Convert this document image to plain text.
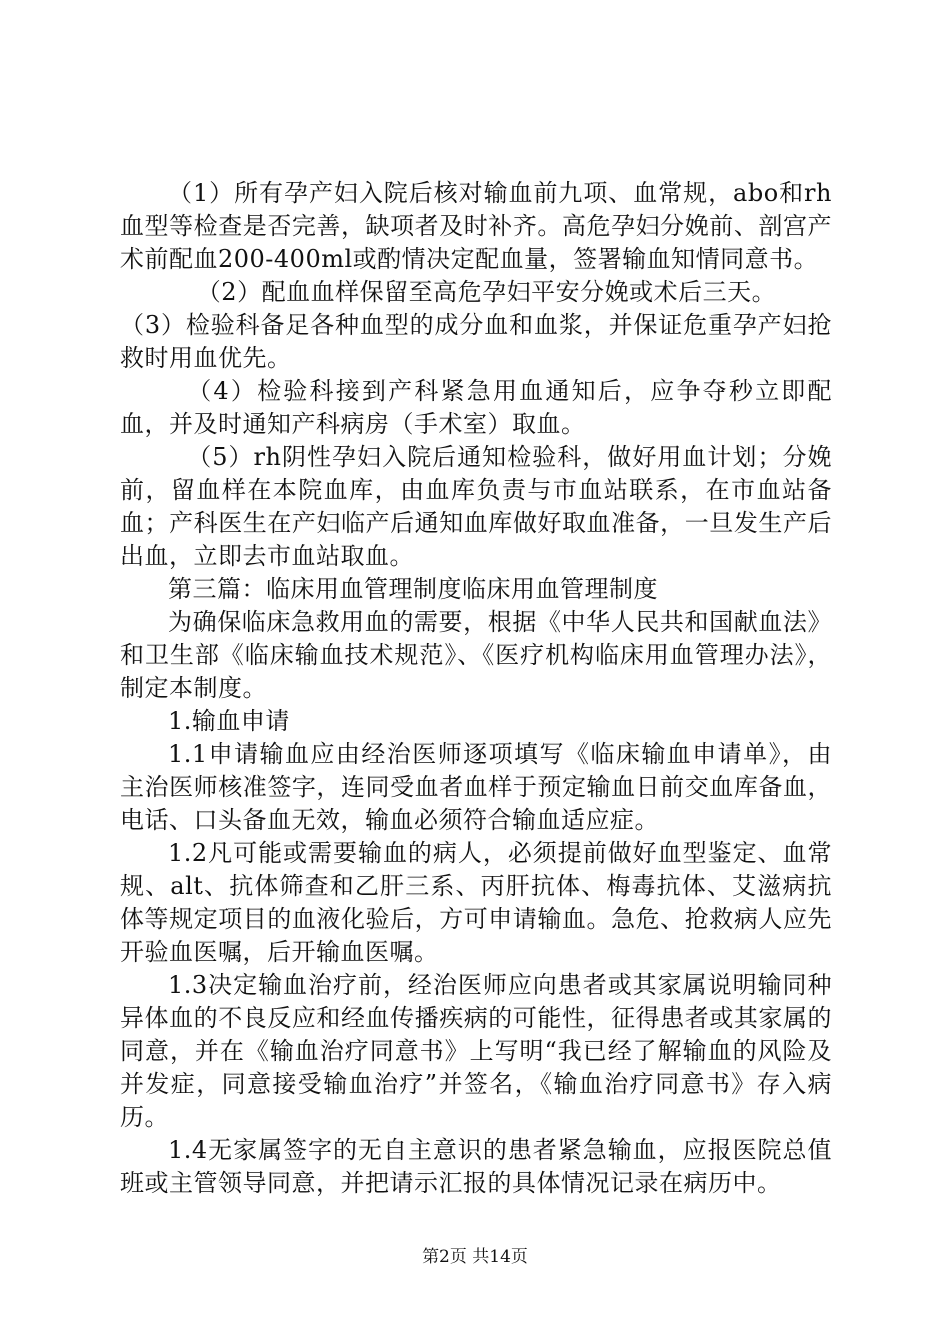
（1）所有孕产妇入院后核对输血前九项、血常规，abo和rh血型等检查是否完善，缺项者及时补齐。高危孕妇分娩前、剖宫产术前配血200-400ml或酌情决定配血量，签署输血知情同意书。

（2）配血血样保留至高危孕妇平安分娩或术后三天。

（3）检验科备足各种血型的成分血和血浆，并保证危重孕产妇抢救时用血优先。

（4）检验科接到产科紧急用血通知后，应争夺秒立即配血，并及时通知产科病房（手术室）取血。

（5）rh阴性孕妇入院后通知检验科，做好用血计划；分娩前，留血样在本院血库，由血库负责与市血站联系，在市血站备血；产科医生在产妇临产后通知血库做好取血准备，一旦发生产后出血，立即去市血站取血。

第三篇：临床用血管理制度临床用血管理制度

为确保临床急救用血的需要，根据《中华人民共和国献血法》和卫生部《临床输血技术规范》、《医疗机构临床用血管理办法》，制定本制度。

1.输血申请

1.1申请输血应由经治医师逐项填写《临床输血申请单》，由主治医师核准签字，连同受血者血样于预定输血日前交血库备血，电话、口头备血无效，输血必须符合输血适应症。

1.2凡可能或需要输血的病人，必须提前做好血型鉴定、血常规、alt、抗体筛查和乙肝三系、丙肝抗体、梅毒抗体、艾滋病抗体等规定项目的血液化验后，方可申请输血。急危、抢救病人应先开验血医嘱，后开输血医嘱。

1.3决定输血治疗前，经治医师应向患者或其家属说明输同种异体血的不良反应和经血传播疾病的可能性，征得患者或其家属的同意，并在《输血治疗同意书》上写明“我已经了解输血的风险及并发症，同意接受输血治疗”并签名，《输血治疗同意书》存入病历。

1.4无家属签字的无自主意识的患者紧急输血，应报医院总值班或主管领导同意，并把请示汇报的具体情况记录在病历中。

第2页 共14页
